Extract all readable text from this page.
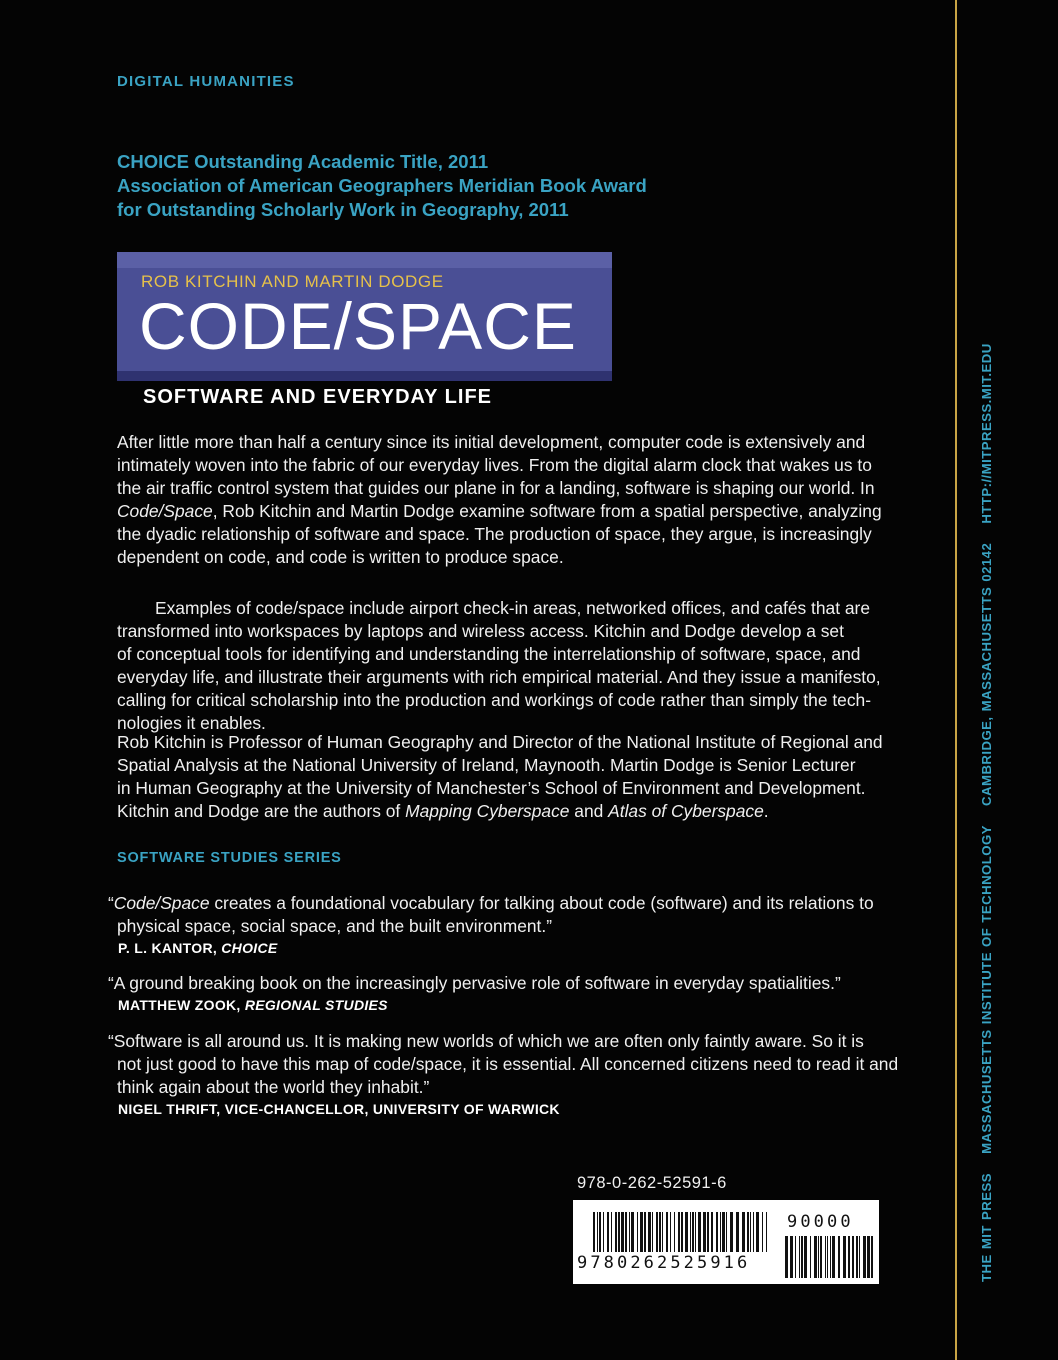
DIGITAL HUMANITIES
CHOICE Outstanding Academic Title, 2011
Association of American Geographers Meridian Book Award
for Outstanding Scholarly Work in Geography, 2011
ROB KITCHIN AND MARTIN DODGE
CODE/SPACE
SOFTWARE AND EVERYDAY LIFE
After little more than half a century since its initial development, computer code is extensively and
intimately woven into the fabric of our everyday lives. From the digital alarm clock that wakes us to
the air traffic control system that guides our plane in for a landing, software is shaping our world. In
Code/Space, Rob Kitchin and Martin Dodge examine software from a spatial perspective, analyzing
the dyadic relationship of software and space. The production of space, they argue, is increasingly
dependent on code, and code is written to produce space.
Examples of code/space include airport check-in areas, networked offices, and cafés that are
transformed into workspaces by laptops and wireless access. Kitchin and Dodge develop a set
of conceptual tools for identifying and understanding the interrelationship of software, space, and
everyday life, and illustrate their arguments with rich empirical material. And they issue a manifesto,
calling for critical scholarship into the production and workings of code rather than simply the tech-
nologies it enables.
Rob Kitchin is Professor of Human Geography and Director of the National Institute of Regional and
Spatial Analysis at the National University of Ireland, Maynooth. Martin Dodge is Senior Lecturer
in Human Geography at the University of Manchester’s School of Environment and Development.
Kitchin and Dodge are the authors of Mapping Cyberspace and Atlas of Cyberspace.
SOFTWARE STUDIES SERIES
“Code/Space creates a foundational vocabulary for talking about code (software) and its relations to
physical space, social space, and the built environment.”
P. L. KANTOR, CHOICE
“A ground breaking book on the increasingly pervasive role of software in everyday spatialities.”
MATTHEW ZOOK, REGIONAL STUDIES
“Software is all around us. It is making new worlds of which we are often only faintly aware. So it is
not just good to have this map of code/space, it is essential. All concerned citizens need to read it and
think again about the world they inhabit.”
NIGEL THRIFT, VICE-CHANCELLOR, UNIVERSITY OF WARWICK
978-0-262-52591-6
9780262525916
90000	THE MIT PRESS MASSACHUSETTS INSTITUTE OF TECHNOLOGY CAMBRIDGE, MASSACHUSETTS 02142 HTTP://MITPRESS.MIT.EDU
